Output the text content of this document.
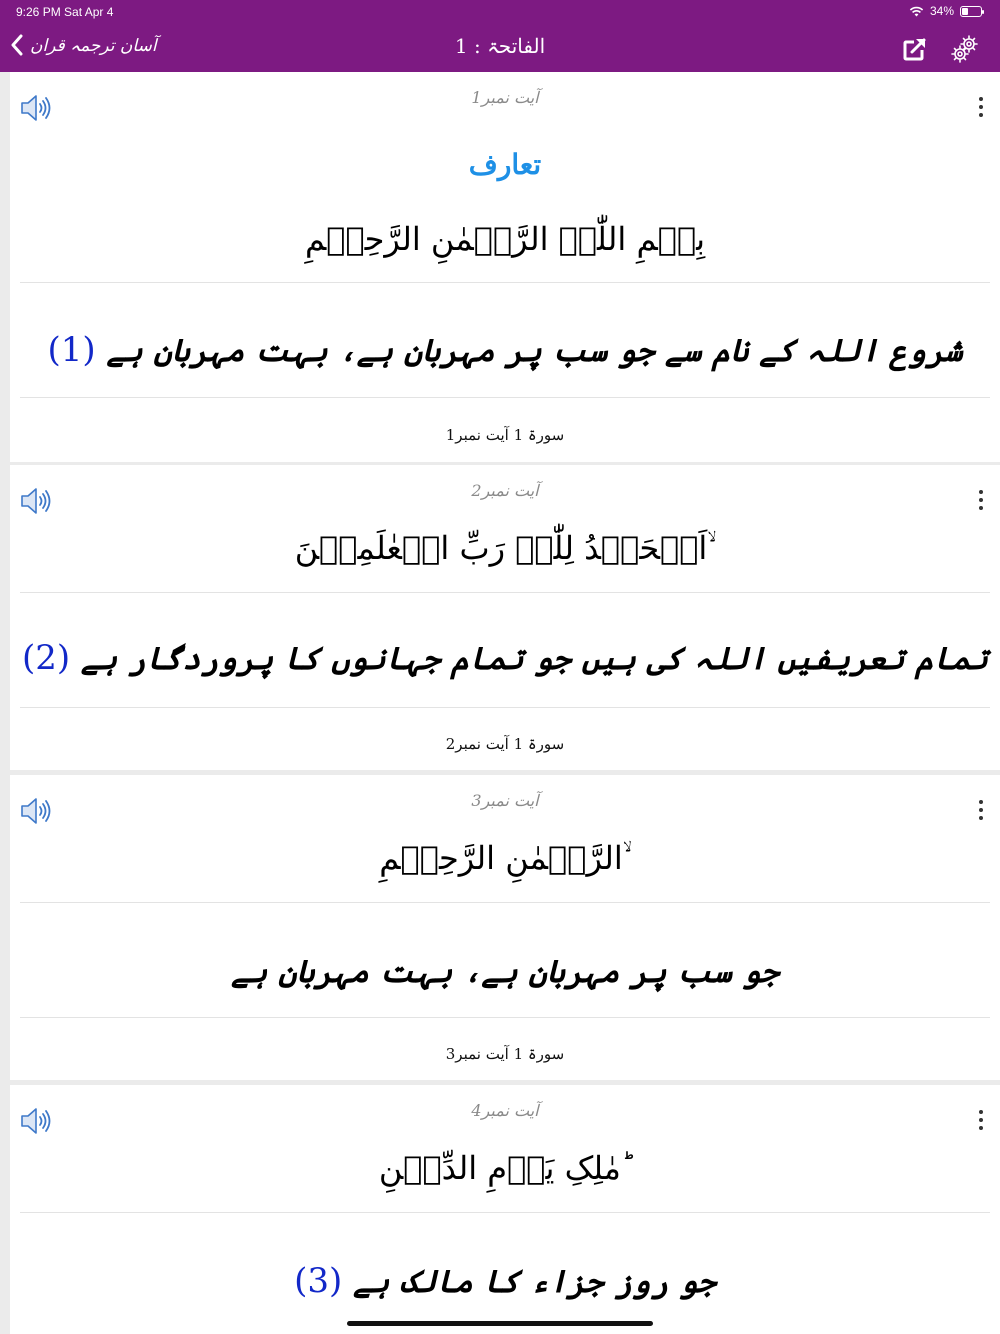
9:26 PM Sat Apr 4	34%
آسان ترجمہ قران	الفاتحۃ : 1
آیت نمبر1
تعارف
بِسۡمِ اللّٰہِ الرَّحۡمٰنِ الرَّحِیۡمِ
شروع اللہ کے نام سے جو سب پر مہربان ہے، بہت مہربان ہے (1)
سورۃ 1 آیت نمبر1
آیت نمبر2
اَلۡحَمۡدُ لِلّٰہِ رَبِّ الۡعٰلَمِیۡنَ ۙ
تمام تعریفیں اللہ کی ہیں جو تمام جہانوں کا پروردگار ہے (2)
سورۃ 1 آیت نمبر2
آیت نمبر3
الرَّحۡمٰنِ الرَّحِیۡمِ ۙ
جو سب پر مہربان ہے، بہت مہربان ہے
سورۃ 1 آیت نمبر3
آیت نمبر4
مٰلِکِ یَوۡمِ الدِّیۡنِ ؕ
جو روز جزاء کا مالک ہے (3)
